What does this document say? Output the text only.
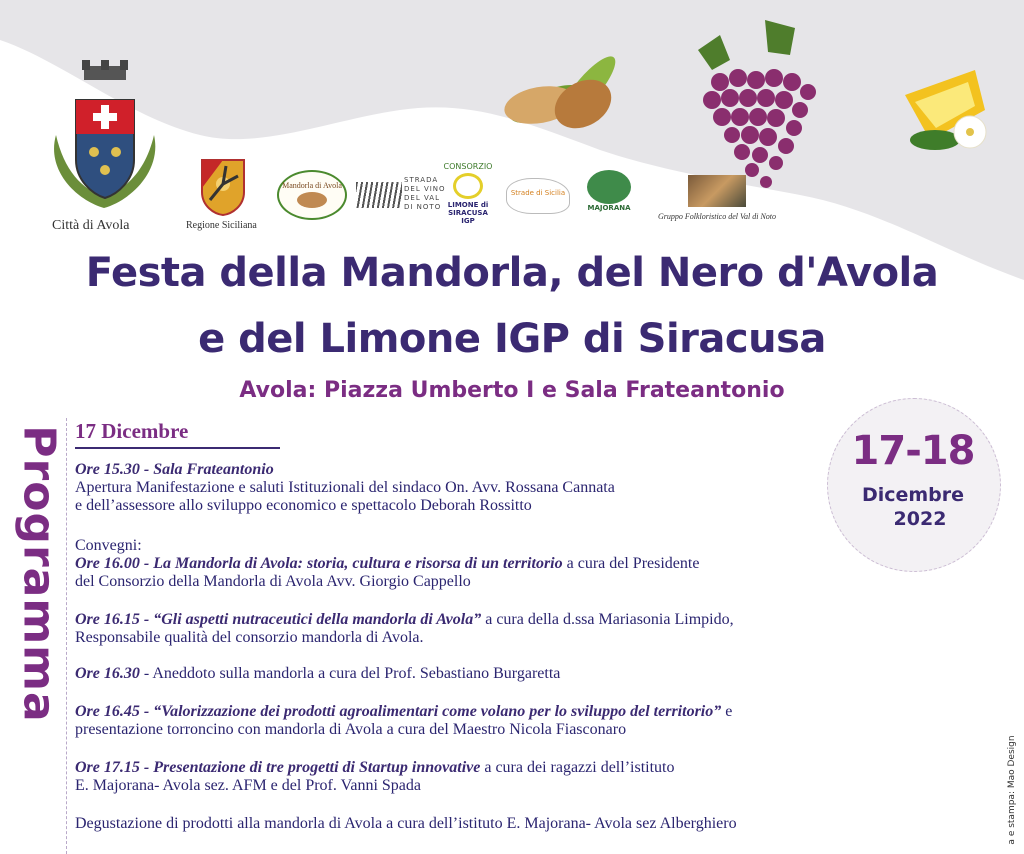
Città di Avola	Regione Siciliana
Mandorla di Avola
STRADA
DEL VINO
DEL VAL
DI NOTO
CONSORZIO
LIMONE di
SIRACUSA
IGP
Strade di Sicilia
MAJORANA
Gruppo Folkloristico del Val di Noto
Festa della Mandorla, del Nero d'Avola
e del Limone IGP di Siracusa
Avola: Piazza Umberto I e Sala Frateantonio
Programma	17-18
Dicembre
2022
17 Dicembre
Ore 15.30 - Sala Frateantonio
Apertura Manifestazione e saluti Istituzionali del sindaco On. Avv. Rossana Cannata
e dell’assessore allo sviluppo economico e spettacolo Deborah Rossitto
Convegni:
Ore 16.00 - La Mandorla di Avola: storia, cultura e risorsa di un territorio a cura del Presidente
del Consorzio della Mandorla di Avola Avv. Giorgio Cappello
Ore 16.15 - “Gli aspetti nutraceutici della mandorla di Avola” a cura della d.ssa Mariasonia Limpido,
Responsabile qualità del consorzio mandorla di Avola.
Ore 16.30 - Aneddoto sulla mandorla a cura del Prof. Sebastiano Burgaretta
Ore 16.45 - “Valorizzazione dei prodotti agroalimentari come volano per lo sviluppo del territorio” e
presentazione torroncino con mandorla di Avola a cura del Maestro Nicola Fiasconaro
Ore 17.15 - Presentazione di tre progetti di Startup innovative a cura dei ragazzi dell’istituto
E. Majorana- Avola sez. AFM e del Prof. Vanni Spada
Degustazione di prodotti alla mandorla di Avola a cura dell’istituto E. Majorana- Avola sez Alberghiero	a e stampa: Mao Design
